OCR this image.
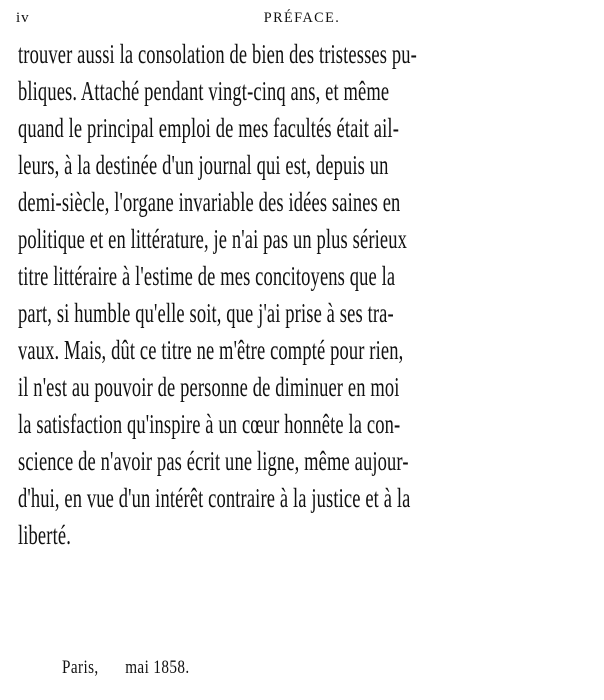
iv	PRÉFACE.
trouver aussi la consolation de bien des tristesses pu-
bliques. Attaché pendant vingt-cinq ans, et même
quand le principal emploi de mes facultés était ail-
leurs, à la destinée d'un journal qui est, depuis un
demi-siècle, l'organe invariable des idées saines en
politique et en littérature, je n'ai pas un plus sérieux
titre littéraire à l'estime de mes concitoyens que la
part, si humble qu'elle soit, que j'ai prise à ses tra-
vaux. Mais, dût ce titre ne m'être compté pour rien,
il n'est au pouvoir de personne de diminuer en moi
la satisfaction qu'inspire à un cœur honnête la con-
science de n'avoir pas écrit une ligne, même aujour-
d'hui, en vue d'un intérêt contraire à la justice et à la
liberté.
Paris, mai 1858.
